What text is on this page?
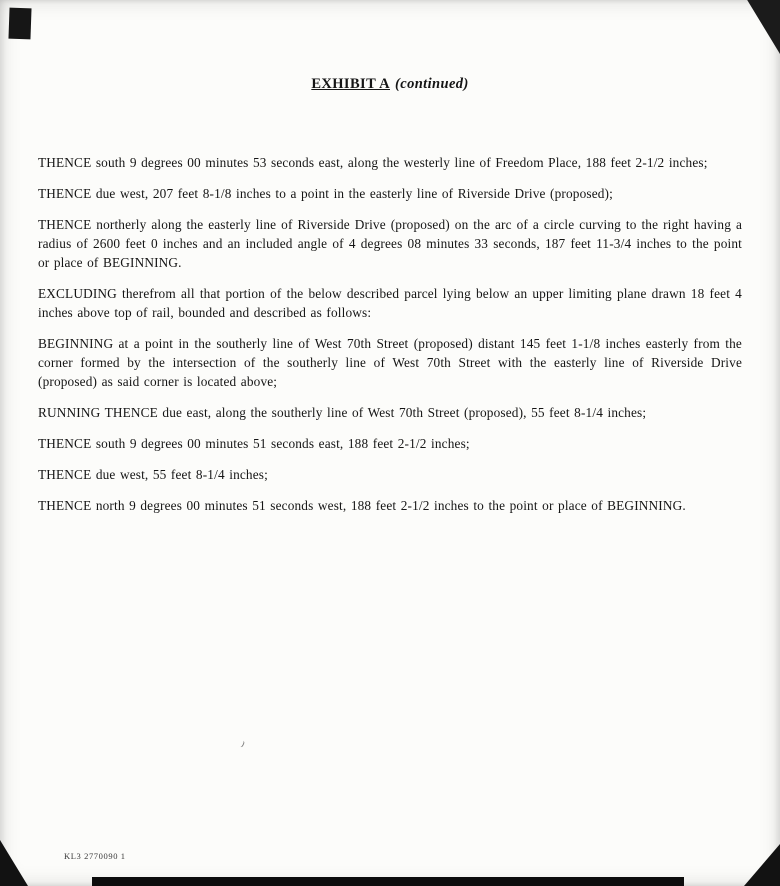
EXHIBIT A (continued)

THENCE south 9 degrees 00 minutes 53 seconds east, along the westerly line of Freedom Place, 188 feet 2-1/2 inches;

THENCE due west, 207 feet 8-1/8 inches to a point in the easterly line of Riverside Drive (proposed);

THENCE northerly along the easterly line of Riverside Drive (proposed) on the arc of a circle curving to the right having a radius of 2600 feet 0 inches and an included angle of 4 degrees 08 minutes 33 seconds, 187 feet 11-3/4 inches to the point or place of BEGINNING.

EXCLUDING therefrom all that portion of the below described parcel lying below an upper limiting plane drawn 18 feet 4 inches above top of rail, bounded and described as follows:

BEGINNING at a point in the southerly line of West 70th Street (proposed) distant 145 feet 1-1/8 inches easterly from the corner formed by the intersection of the southerly line of West 70th Street with the easterly line of Riverside Drive (proposed) as said corner is located above;

RUNNING THENCE due east, along the southerly line of West 70th Street (proposed), 55 feet 8-1/4 inches;

THENCE south 9 degrees 00 minutes 51 seconds east, 188 feet 2-1/2 inches;

THENCE due west, 55 feet 8-1/4 inches;

THENCE north 9 degrees 00 minutes 51 seconds west, 188 feet 2-1/2 inches to the point or place of BEGINNING.

KL3 2770090 1
